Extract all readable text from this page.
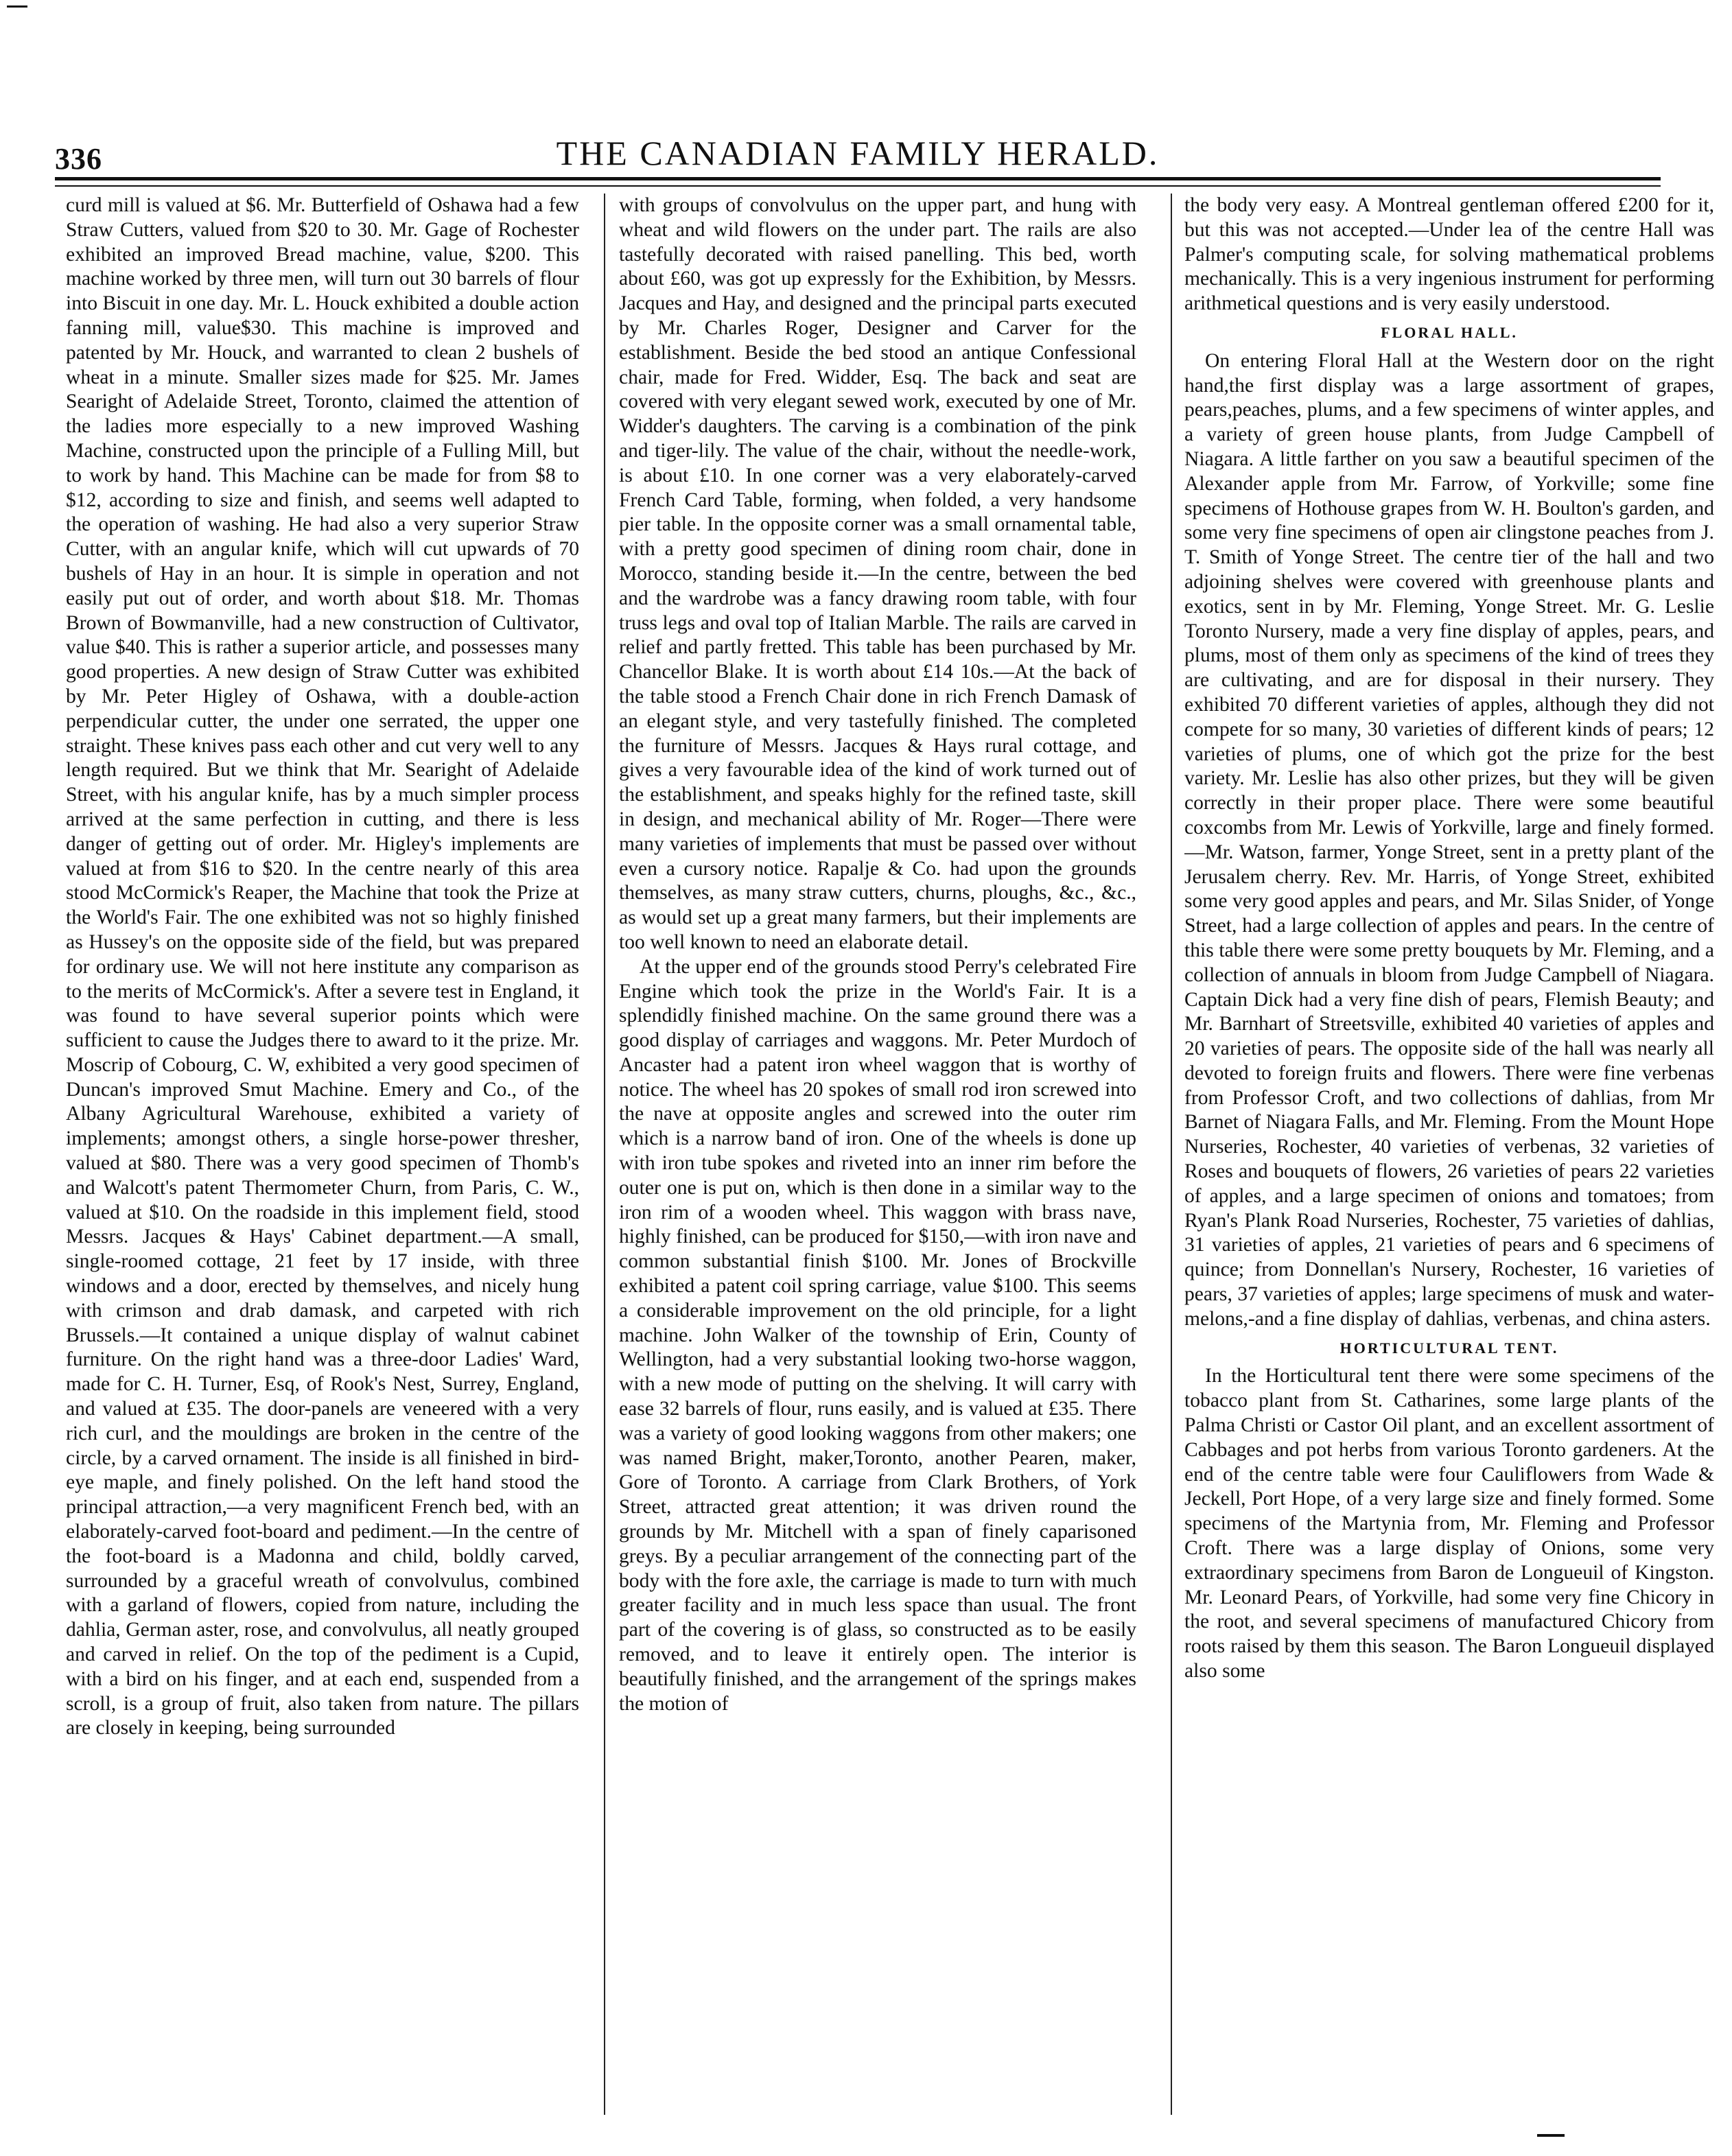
336	THE CANADIAN FAMILY HERALD.

curd mill is valued at $6. Mr. Butterfield of Oshawa had a few Straw Cutters, valued from $20 to 30. Mr. Gage of Rochester exhibited an improved Bread machine, value, $200. This machine worked by three men, will turn out 30 barrels of flour into Biscuit in one day. Mr. L. Houck exhibited a double action fanning mill, value$30. This machine is improved and patented by Mr. Houck, and warranted to clean 2 bushels of wheat in a minute. Smaller sizes made for $25. Mr. James Searight of Adelaide Street, Toronto, claimed the attention of the ladies more especially to a new improved Washing Machine, constructed upon the principle of a Fulling Mill, but to work by hand. This Machine can be made for from $8 to $12, according to size and finish, and seems well adapted to the operation of washing. He had also a very superior Straw Cutter, with an angular knife, which will cut upwards of 70 bushels of Hay in an hour. It is simple in operation and not easily put out of order, and worth about $18. Mr. Thomas Brown of Bowmanville, had a new construction of Cultivator, value $40. This is rather a superior article, and possesses many good properties. A new design of Straw Cutter was exhibited by Mr. Peter Higley of Oshawa, with a double-action perpendicular cutter, the under one serrated, the upper one straight. These knives pass each other and cut very well to any length required. But we think that Mr. Searight of Adelaide Street, with his angular knife, has by a much simpler process arrived at the same perfection in cutting, and there is less danger of getting out of order. Mr. Higley's implements are valued at from $16 to $20. In the centre nearly of this area stood McCormick's Reaper, the Machine that took the Prize at the World's Fair. The one exhibited was not so highly finished as Hussey's on the opposite side of the field, but was prepared for ordinary use. We will not here institute any comparison as to the merits of McCormick's. After a severe test in England, it was found to have several superior points which were sufficient to cause the Judges there to award to it the prize. Mr. Moscrip of Cobourg, C. W, exhibited a very good specimen of Duncan's improved Smut Machine. Emery and Co., of the Albany Agricultural Warehouse, exhibited a variety of implements; amongst others, a single horse-power thresher, valued at $80. There was a very good specimen of Thomb's and Walcott's patent Thermometer Churn, from Paris, C. W., valued at $10. On the roadside in this implement field, stood Messrs. Jacques & Hays' Cabinet department.—A small, single-roomed cottage, 21 feet by 17 inside, with three windows and a door, erected by themselves, and nicely hung with crimson and drab damask, and carpeted with rich Brussels.—It contained a unique display of walnut cabinet furniture. On the right hand was a three-door Ladies' Ward, made for C. H. Turner, Esq, of Rook's Nest, Surrey, England, and valued at £35. The door-panels are veneered with a very rich curl, and the mouldings are broken in the centre of the circle, by a carved ornament. The inside is all finished in bird-eye maple, and finely polished. On the left hand stood the principal attraction,—a very magnificent French bed, with an elaborately-carved foot-board and pediment.—In the centre of the foot-board is a Madonna and child, boldly carved, surrounded by a graceful wreath of convolvulus, combined with a garland of flowers, copied from nature, including the dahlia, German aster, rose, and convolvulus, all neatly grouped and carved in relief. On the top of the pediment is a Cupid, with a bird on his finger, and at each end, suspended from a scroll, is a group of fruit, also taken from nature. The pillars are closely in keeping, being surrounded

with groups of convolvulus on the upper part, and hung with wheat and wild flowers on the under part. The rails are also tastefully decorated with raised panelling. This bed, worth about £60, was got up expressly for the Exhibition, by Messrs. Jacques and Hay, and designed and the principal parts executed by Mr. Charles Roger, Designer and Carver for the establishment. Beside the bed stood an antique Confessional chair, made for Fred. Widder, Esq. The back and seat are covered with very elegant sewed work, executed by one of Mr. Widder's daughters. The carving is a combination of the pink and tiger-lily. The value of the chair, without the needle-work, is about £10. In one corner was a very elaborately-carved French Card Table, forming, when folded, a very handsome pier table. In the opposite corner was a small ornamental table, with a pretty good specimen of dining room chair, done in Morocco, standing beside it.—In the centre, between the bed and the wardrobe was a fancy drawing room table, with four truss legs and oval top of Italian Marble. The rails are carved in relief and partly fretted. This table has been purchased by Mr. Chancellor Blake. It is worth about £14 10s.—At the back of the table stood a French Chair done in rich French Damask of an elegant style, and very tastefully finished. The completed the furniture of Messrs. Jacques & Hays rural cottage, and gives a very favourable idea of the kind of work turned out of the establishment, and speaks highly for the refined taste, skill in design, and mechanical ability of Mr. Roger—There were many varieties of implements that must be passed over without even a cursory notice. Rapalje & Co. had upon the grounds themselves, as many straw cutters, churns, ploughs, &c., &c., as would set up a great many farmers, but their implements are too well known to need an elaborate detail.

At the upper end of the grounds stood Perry's celebrated Fire Engine which took the prize in the World's Fair. It is a splendidly finished machine. On the same ground there was a good display of carriages and waggons. Mr. Peter Murdoch of Ancaster had a patent iron wheel waggon that is worthy of notice. The wheel has 20 spokes of small rod iron screwed into the nave at opposite angles and screwed into the outer rim which is a narrow band of iron. One of the wheels is done up with iron tube spokes and riveted into an inner rim before the outer one is put on, which is then done in a similar way to the iron rim of a wooden wheel. This waggon with brass nave, highly finished, can be produced for $150,—with iron nave and common substantial finish $100. Mr. Jones of Brockville exhibited a patent coil spring carriage, value $100. This seems a considerable improvement on the old principle, for a light machine. John Walker of the township of Erin, County of Wellington, had a very substantial looking two-horse waggon, with a new mode of putting on the shelving. It will carry with ease 32 barrels of flour, runs easily, and is valued at £35. There was a variety of good looking waggons from other makers; one was named Bright, maker,Toronto, another Pearen, maker, Gore of Toronto. A carriage from Clark Brothers, of York Street, attracted great attention; it was driven round the grounds by Mr. Mitchell with a span of finely caparisoned greys. By a peculiar arrangement of the connecting part of the body with the fore axle, the carriage is made to turn with much greater facility and in much less space than usual. The front part of the covering is of glass, so constructed as to be easily removed, and to leave it entirely open. The interior is beautifully finished, and the arrangement of the springs makes the motion of

the body very easy. A Montreal gentleman offered £200 for it, but this was not accepted.—Under lea of the centre Hall was Palmer's computing scale, for solving mathematical problems mechanically. This is a very ingenious instrument for performing arithmetical questions and is very easily understood.

FLORAL HALL.

On entering Floral Hall at the Western door on the right hand,the first display was a large assortment of grapes, pears,peaches, plums, and a few specimens of winter apples, and a variety of green house plants, from Judge Campbell of Niagara. A little farther on you saw a beautiful specimen of the Alexander apple from Mr. Farrow, of Yorkville; some fine specimens of Hothouse grapes from W. H. Boulton's garden, and some very fine specimens of open air clingstone peaches from J. T. Smith of Yonge Street. The centre tier of the hall and two adjoining shelves were covered with greenhouse plants and exotics, sent in by Mr. Fleming, Yonge Street. Mr. G. Leslie Toronto Nursery, made a very fine display of apples, pears, and plums, most of them only as specimens of the kind of trees they are cultivating, and are for disposal in their nursery. They exhibited 70 different varieties of apples, although they did not compete for so many, 30 varieties of different kinds of pears; 12 varieties of plums, one of which got the prize for the best variety. Mr. Leslie has also other prizes, but they will be given correctly in their proper place. There were some beautiful coxcombs from Mr. Lewis of Yorkville, large and finely formed.—Mr. Watson, farmer, Yonge Street, sent in a pretty plant of the Jerusalem cherry. Rev. Mr. Harris, of Yonge Street, exhibited some very good apples and pears, and Mr. Silas Snider, of Yonge Street, had a large collection of apples and pears. In the centre of this table there were some pretty bouquets by Mr. Fleming, and a collection of annuals in bloom from Judge Campbell of Niagara. Captain Dick had a very fine dish of pears, Flemish Beauty; and Mr. Barnhart of Streetsville, exhibited 40 varieties of apples and 20 varieties of pears. The opposite side of the hall was nearly all devoted to foreign fruits and flowers. There were fine verbenas from Professor Croft, and two collections of dahlias, from Mr Barnet of Niagara Falls, and Mr. Fleming. From the Mount Hope Nurseries, Rochester, 40 varieties of verbenas, 32 varieties of Roses and bouquets of flowers, 26 varieties of pears 22 varieties of apples, and a large specimen of onions and tomatoes; from Ryan's Plank Road Nurseries, Rochester, 75 varieties of dahlias, 31 varieties of apples, 21 varieties of pears and 6 specimens of quince; from Donnellan's Nursery, Rochester, 16 varieties of pears, 37 varieties of apples; large specimens of musk and water-melons,-and a fine display of dahlias, verbenas, and china asters.

HORTICULTURAL TENT.

In the Horticultural tent there were some specimens of the tobacco plant from St. Catharines, some large plants of the Palma Christi or Castor Oil plant, and an excellent assortment of Cabbages and pot herbs from various Toronto gardeners. At the end of the centre table were four Cauliflowers from Wade & Jeckell, Port Hope, of a very large size and finely formed. Some specimens of the Martynia from, Mr. Fleming and Professor Croft. There was a large display of Onions, some very extraordinary specimens from Baron de Longueuil of Kingston. Mr. Leonard Pears, of Yorkville, had some very fine Chicory in the root, and several specimens of manufactured Chicory from roots raised by them this season. The Baron Longueuil displayed also some
